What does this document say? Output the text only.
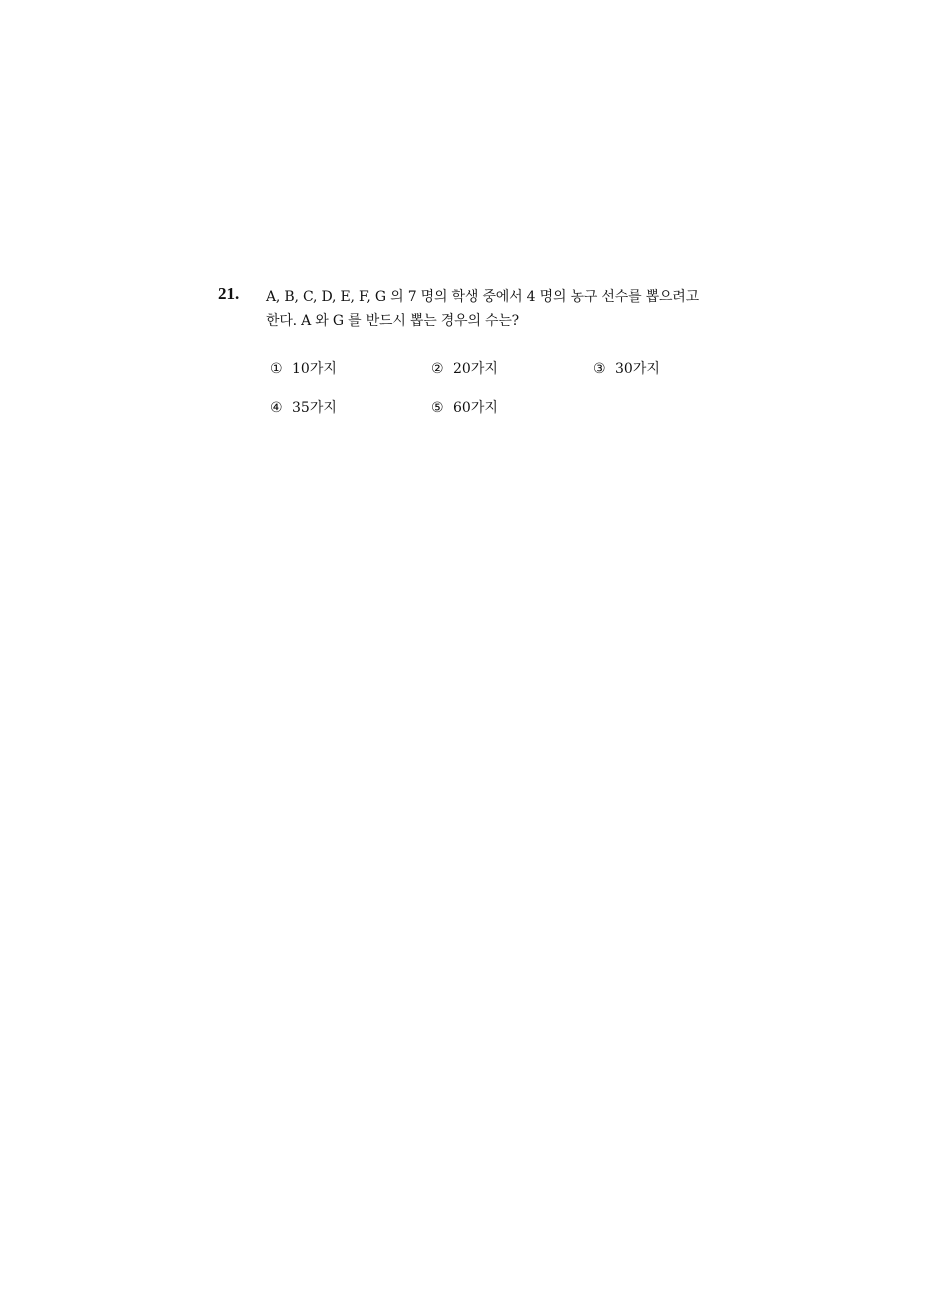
21. A, B, C, D, E, F, G 의 7 명의 학생 중에서 4 명의 농구 선수를 뽑으려고
한다. A 와 G 를 반드시 뽑는 경우의 수는?
① 10가지	② 20가지	③ 30가지
④ 35가지	⑤ 60가지
